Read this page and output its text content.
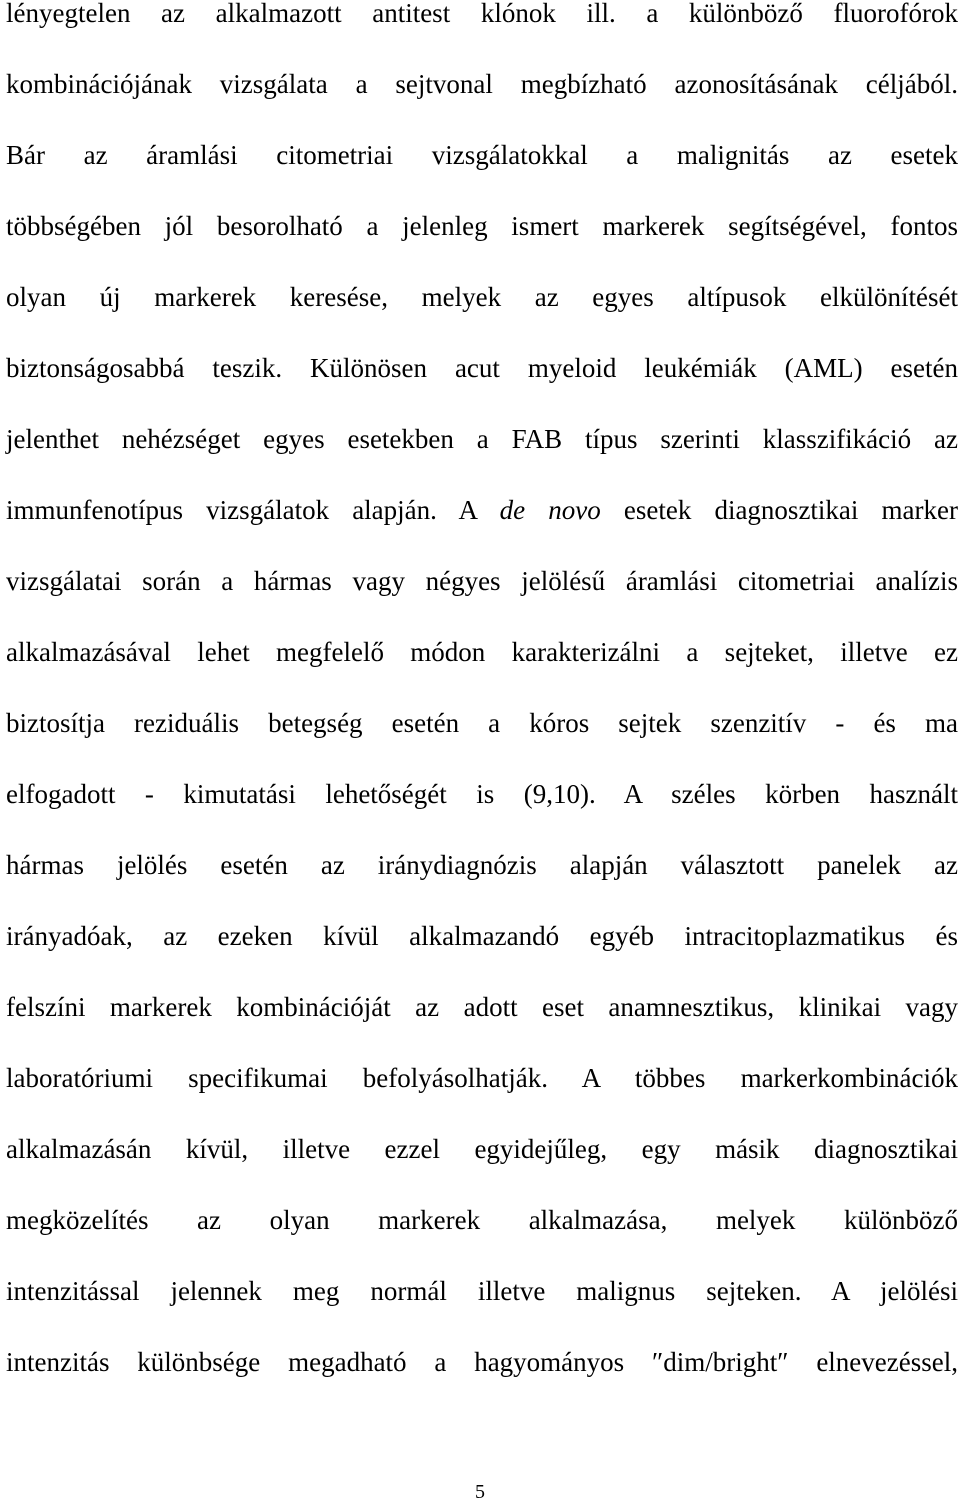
lényegtelen az alkalmazott antitest klónok ill. a különböző fluorofórok
kombinációjának vizsgálata a sejtvonal megbízható azonosításának céljából.
Bár az áramlási citometriai vizsgálatokkal a malignitás az esetek
többségében jól besorolható a jelenleg ismert markerek segítségével, fontos
olyan új markerek keresése, melyek az egyes altípusok elkülönítését
biztonságosabbá teszik. Különösen acut myeloid leukémiák (AML) esetén
jelenthet nehézséget egyes esetekben a FAB típus szerinti klasszifikáció az
immunfenotípus vizsgálatok alapján. A de novo esetek diagnosztikai marker
vizsgálatai során a hármas vagy négyes jelölésű áramlási citometriai analízis
alkalmazásával lehet megfelelő módon karakterizálni a sejteket, illetve ez
biztosítja reziduális betegség esetén a kóros sejtek szenzitív - és ma
elfogadott - kimutatási lehetőségét is (9,10). A széles körben használt
hármas jelölés esetén az iránydiagnózis alapján választott panelek az
irányadóak, az ezeken kívül alkalmazandó egyéb intracitoplazmatikus és
felszíni markerek kombinációját az adott eset anamnesztikus, klinikai vagy
laboratóriumi specifikumai befolyásolhatják. A többes markerkombinációk
alkalmazásán kívül, illetve ezzel egyidejűleg, egy másik diagnosztikai
megközelítés az olyan markerek alkalmazása, melyek különböző
intenzitással jelennek meg normál illetve malignus sejteken. A jelölési
intenzitás különbsége megadható a hagyományos ″dim/bright″ elnevezéssel,
5
